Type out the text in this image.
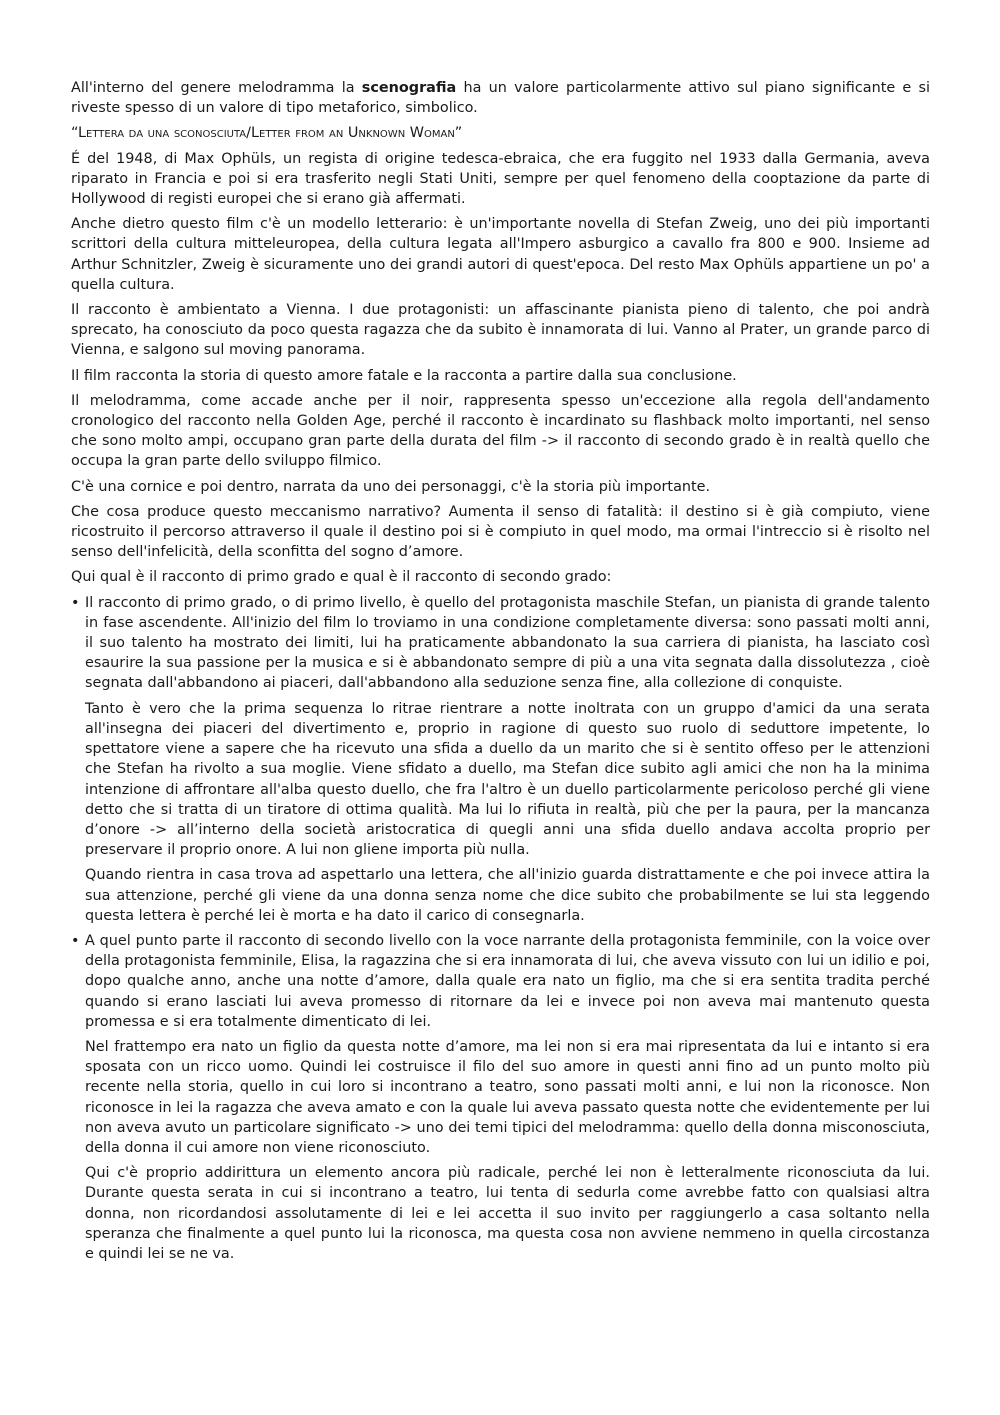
All'interno del genere melodramma la scenografia ha un valore particolarmente attivo sul piano significante e si riveste spesso di un valore di tipo metaforico, simbolico.

“Lettera da una sconosciuta/Letter from an Unknown Woman”

É del 1948, di Max Ophüls, un regista di origine tedesca-ebraica, che era fuggito nel 1933 dalla Germania, aveva riparato in Francia e poi si era trasferito negli Stati Uniti, sempre per quel fenomeno della cooptazione da parte di Hollywood di registi europei che si erano già affermati.

Anche dietro questo film c'è un modello letterario: è un'importante novella di Stefan Zweig, uno dei più importanti scrittori della cultura mitteleuropea, della cultura legata all'Impero asburgico a cavallo fra 800 e 900. Insieme ad Arthur Schnitzler, Zweig è sicuramente uno dei grandi autori di quest'epoca. Del resto Max Ophüls appartiene un po' a quella cultura.

Il racconto è ambientato a Vienna. I due protagonisti: un affascinante pianista pieno di talento, che poi andrà sprecato, ha conosciuto da poco questa ragazza che da subito è innamorata di lui. Vanno al Prater, un grande parco di Vienna, e salgono sul moving panorama.

Il film racconta la storia di questo amore fatale e la racconta a partire dalla sua conclusione.

Il melodramma, come accade anche per il noir, rappresenta spesso un'eccezione alla regola dell'andamento cronologico del racconto nella Golden Age, perché il racconto è incardinato su flashback molto importanti, nel senso che sono molto ampi, occupano gran parte della durata del film -> il racconto di secondo grado è in realtà quello che occupa la gran parte dello sviluppo filmico.

C'è una cornice e poi dentro, narrata da uno dei personaggi, c'è la storia più importante.

Che cosa produce questo meccanismo narrativo? Aumenta il senso di fatalità: il destino si è già compiuto, viene ricostruito il percorso attraverso il quale il destino poi si è compiuto in quel modo, ma ormai l'intreccio si è risolto nel senso dell'infelicità, della sconfitta del sogno d’amore.

Qui qual è il racconto di primo grado e qual è il racconto di secondo grado:

• Il racconto di primo grado, o di primo livello, è quello del protagonista maschile Stefan, un pianista di grande talento in fase ascendente. All'inizio del film lo troviamo in una condizione completamente diversa: sono passati molti anni, il suo talento ha mostrato dei limiti, lui ha praticamente abbandonato la sua carriera di pianista, ha lasciato così esaurire la sua passione per la musica e si è abbandonato sempre di più a una vita segnata dalla dissolutezza , cioè segnata dall'abbandono ai piaceri, dall'abbandono alla seduzione senza fine, alla collezione di conquiste.

Tanto è vero che la prima sequenza lo ritrae rientrare a notte inoltrata con un gruppo d'amici da una serata all'insegna dei piaceri del divertimento e, proprio in ragione di questo suo ruolo di seduttore impetente, lo spettatore viene a sapere che ha ricevuto una sfida a duello da un marito che si è sentito offeso per le attenzioni che Stefan ha rivolto a sua moglie. Viene sfidato a duello, ma Stefan dice subito agli amici che non ha la minima intenzione di affrontare all'alba questo duello, che fra l'altro è un duello particolarmente pericoloso perché gli viene detto che si tratta di un tiratore di ottima qualità. Ma lui lo rifiuta in realtà, più che per la paura, per la mancanza d’onore -> all’interno della società aristocratica di quegli anni una sfida duello andava accolta proprio per preservare il proprio onore. A lui non gliene importa più nulla.

Quando rientra in casa trova ad aspettarlo una lettera, che all'inizio guarda distrattamente e che poi invece attira la sua attenzione, perché gli viene da una donna senza nome che dice subito che probabilmente se lui sta leggendo questa lettera è perché lei è morta e ha dato il carico di consegnarla.

• A quel punto parte il racconto di secondo livello con la voce narrante della protagonista femminile, con la voice over della protagonista femminile, Elisa, la ragazzina che si era innamorata di lui, che aveva vissuto con lui un idilio e poi, dopo qualche anno, anche una notte d’amore, dalla quale era nato un figlio, ma che si era sentita tradita perché quando si erano lasciati lui aveva promesso di ritornare da lei e invece poi non aveva mai mantenuto questa promessa e si era totalmente dimenticato di lei.

Nel frattempo era nato un figlio da questa notte d’amore, ma lei non si era mai ripresentata da lui e intanto si era sposata con un ricco uomo. Quindi lei costruisce il filo del suo amore in questi anni fino ad un punto molto più recente nella storia, quello in cui loro si incontrano a teatro, sono passati molti anni, e lui non la riconosce. Non riconosce in lei la ragazza che aveva amato e con la quale lui aveva passato questa notte che evidentemente per lui non aveva avuto un particolare significato -> uno dei temi tipici del melodramma: quello della donna misconosciuta, della donna il cui amore non viene riconosciuto.

Qui c'è proprio addirittura un elemento ancora più radicale, perché lei non è letteralmente riconosciuta da lui. Durante questa serata in cui si incontrano a teatro, lui tenta di sedurla come avrebbe fatto con qualsiasi altra donna, non ricordandosi assolutamente di lei e lei accetta il suo invito per raggiungerlo a casa soltanto nella speranza che finalmente a quel punto lui la riconosca, ma questa cosa non avviene nemmeno in quella circostanza e quindi lei se ne va.
